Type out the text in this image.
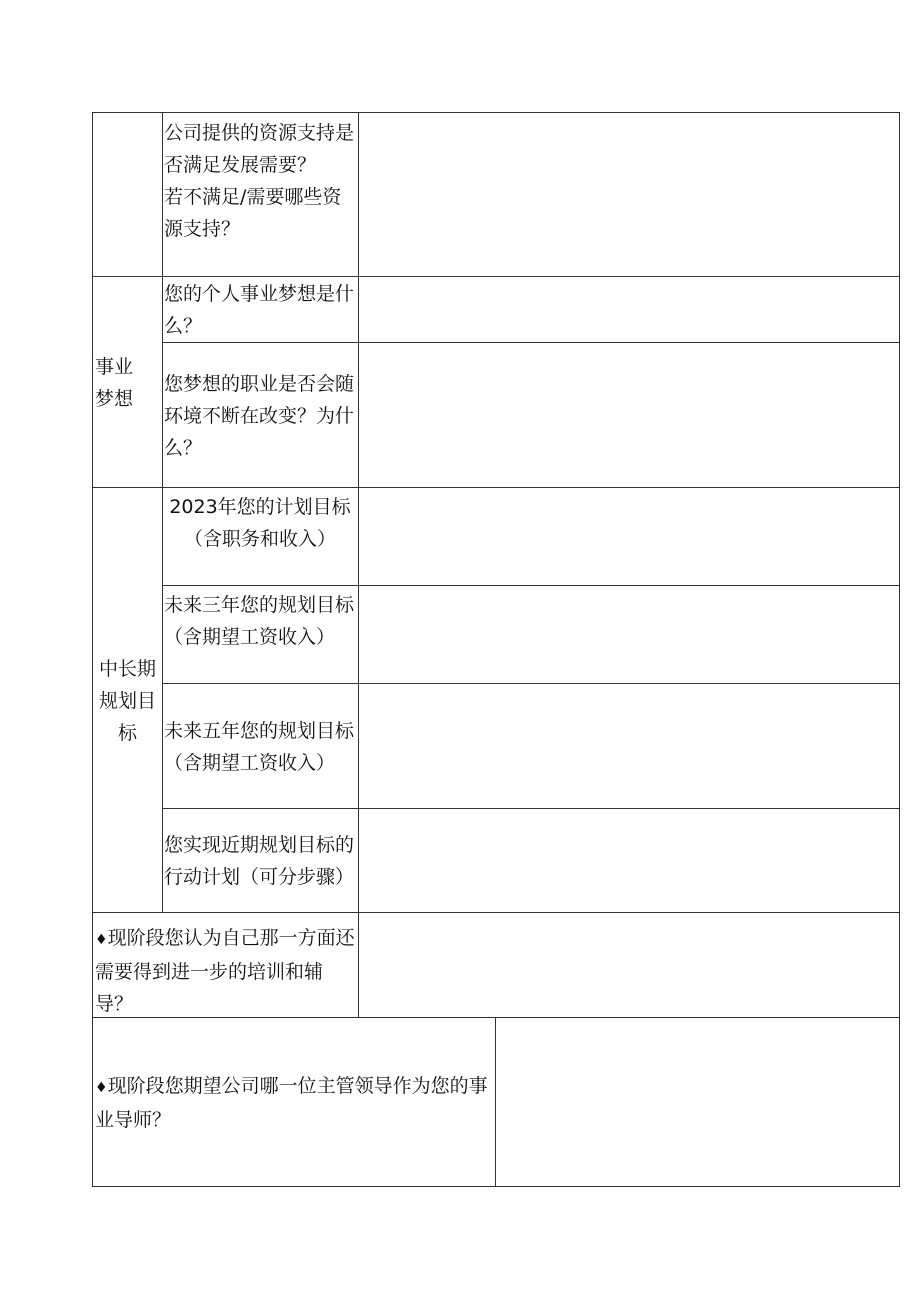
公司提供的资源支持是否满足发展需要？
若不满足/需要哪些资源支持？
事业梦想
您的个人事业梦想是什么？
您梦想的职业是否会随环境不断在改变？为什么？
中长期规划目标
2023年您的计划目标（含职务和收入）
未来三年您的规划目标（含期望工资收入）
未来五年您的规划目标（含期望工资收入）
您实现近期规划目标的行动计划（可分步骤）
♦现阶段您认为自己那一方面还需要得到进一步的培训和辅导？
♦现阶段您期望公司哪一位主管领导作为您的事业导师？
